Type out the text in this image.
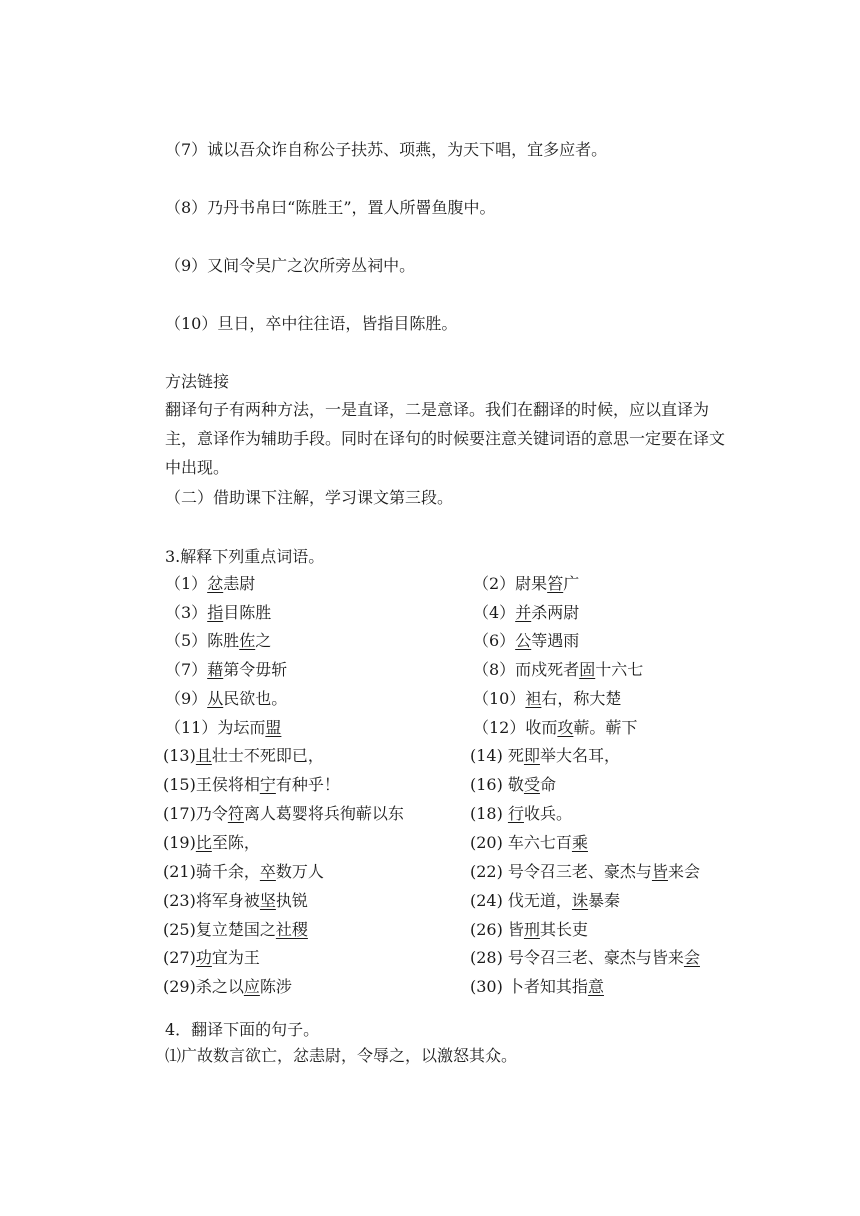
（7）诚以吾众诈自称公子扶苏、项燕，为天下唱，宜多应者。
（8）乃丹书帛曰“陈胜王”，置人所罾鱼腹中。
（9）又间令吴广之次所旁丛祠中。
（10）旦日，卒中往往语，皆指目陈胜。
方法链接
翻译句子有两种方法，一是直译，二是意译。我们在翻译的时候，应以直译为主，意译作为辅助手段。同时在译句的时候要注意关键词语的意思一定要在译文中出现。
（二）借助课下注解，学习课文第三段。
3.解释下列重点词语。
（1）忿恚尉	（2）尉果笞广
（3）指目陈胜	（4）并杀两尉
（5）陈胜佐之	（6）公等遇雨
（7）藉第令毋斩	（8）而戍死者固十六七
（9）从民欲也。	（10）袒右，称大楚
（11）为坛而盟	（12）收而攻蕲。蕲下
(13)且壮士不死即已，	(14) 死即举大名耳，
(15)王侯将相宁有种乎！	(16) 敬受命
(17)乃令符离人葛婴将兵徇蕲以东	(18) 行收兵。
(19)比至陈，	(20) 车六七百乘
(21)骑千余，卒数万人	(22) 号令召三老、豪杰与皆来会
(23)将军身被坚执锐	(24) 伐无道，诛暴秦
(25)复立楚国之社稷	(26) 皆刑其长吏
(27)功宜为王	(28) 号令召三老、豪杰与皆来会
(29)杀之以应陈涉	(30) 卜者知其指意
4．翻译下面的句子。
⑴广故数言欲亡，忿恚尉，令辱之，以激怒其众。
